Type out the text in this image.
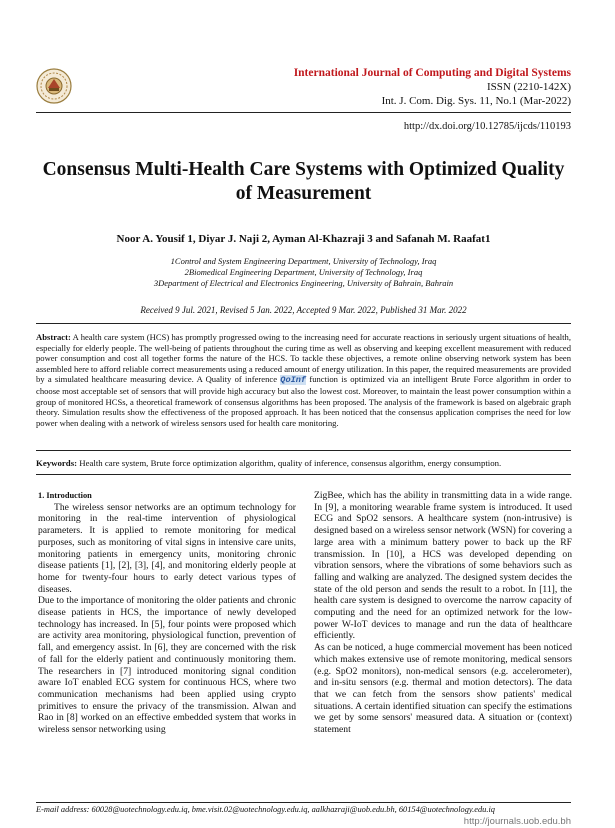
International Journal of Computing and Digital Systems
ISSN (2210-142X)
Int. J. Com. Dig. Sys. 11, No.1 (Mar-2022)
http://dx.doi.org/10.12785/ijcds/110193
Consensus Multi-Health Care Systems with Optimized Quality of Measurement
Noor A. Yousif 1, Diyar J. Naji 2, Ayman Al-Khazraji 3 and Safanah M. Raafat1
1Control and System Engineering Department, University of Technology, Iraq
2Biomedical Engineering Department, University of Technology, Iraq
3Department of Electrical and Electronics Engineering, University of Bahrain, Bahrain
Received 9 Jul. 2021, Revised 5 Jan. 2022, Accepted 9 Mar. 2022, Published 31 Mar. 2022
Abstract: A health care system (HCS) has promptly progressed owing to the increasing need for accurate reactions in seriously urgent situations of health, especially for elderly people. The well-being of patients throughout the curing time as well as observing and keeping excellent measurement with reduced power consumption and cost all together forms the nature of the HCS. To tackle these objectives, a remote online observing network system has been assembled here to afford reliable correct measurements using a reduced amount of energy utilization. In this paper, the required measurements are provided by a simulated healthcare measuring device. A Quality of inference QoInf function is optimized via an intelligent Brute Force algorithm in order to choose most acceptable set of sensors that will provide high accuracy but also the lowest cost. Moreover, to maintain the least power consumption within a group of monitored HCSs, a theoretical framework of consensus algorithms has been proposed. The analysis of the framework is based on algebraic graph theory. Simulation results show the effectiveness of the proposed approach. It has been noticed that the consensus application comprises the need for low power when dealing with a network of wireless sensors used for health care monitoring.
Keywords: Health care system, Brute force optimization algorithm, quality of inference, consensus algorithm, energy consumption.

1. Introduction

The wireless sensor networks are an optimum technology for monitoring in the real-time intervention of physiological parameters. It is applied to remote monitoring for medical purposes, such as monitoring of vital signs in intensive care units, monitoring patients in emergency units, monitoring chronic disease patients [1], [2], [3], [4], and monitoring elderly people at home for twenty-four hours to early detect various types of diseases.

Due to the importance of monitoring the older patients and chronic disease patients in HCS, the importance of newly developed technology has increased. In [5], four points were proposed which are activity area monitoring, physiological function, prevention of fall, and emergency assist. In [6], they are concerned with the risk of fall for the elderly patient and continuously monitoring them. The researchers in [7] introduced monitoring signal condition aware IoT enabled ECG system for continuous HCS, where two communication mechanisms had been applied using crypto primitives to ensure the privacy of the transmission. Alwan and Rao in [8] worked on an effective embedded system that works in wireless sensor networking using

ZigBee, which has the ability in transmitting data in a wide range. In [9], a monitoring wearable frame system is introduced. It used ECG and SpO2 sensors. A healthcare system (non-intrusive) is designed based on a wireless sensor network (WSN) for covering a large area with a minimum battery power to back up the RF transmission. In [10], a HCS was developed depending on vibration sensors, where the vibrations of some behaviors such as falling and walking are analyzed. The designed system decides the state of the old person and sends the result to a robot. In [11], the health care system is designed to overcome the narrow capacity of computing and the need for an optimized network for the low-power W-IoT devices to manage and run the data of healthcare efficiently.

As can be noticed, a huge commercial movement has been noticed which makes extensive use of remote monitoring, medical sensors (e.g. SpO2 monitors), non-medical sensors (e.g. accelerometer), and in-situ sensors (e.g. thermal and motion detectors). The data that we can fetch from the sensors show patients' medical situations. A certain identified situation can specify the estimations we get by some sensors' measured data. A situation or (context) statement

E-mail address: 60028@uotechnology.edu.iq, bme.visit.02@uotechnology.edu.iq, aalkhazraji@uob.edu.bh, 60154@uotechnology.edu.iq
http://journals.uob.edu.bh
